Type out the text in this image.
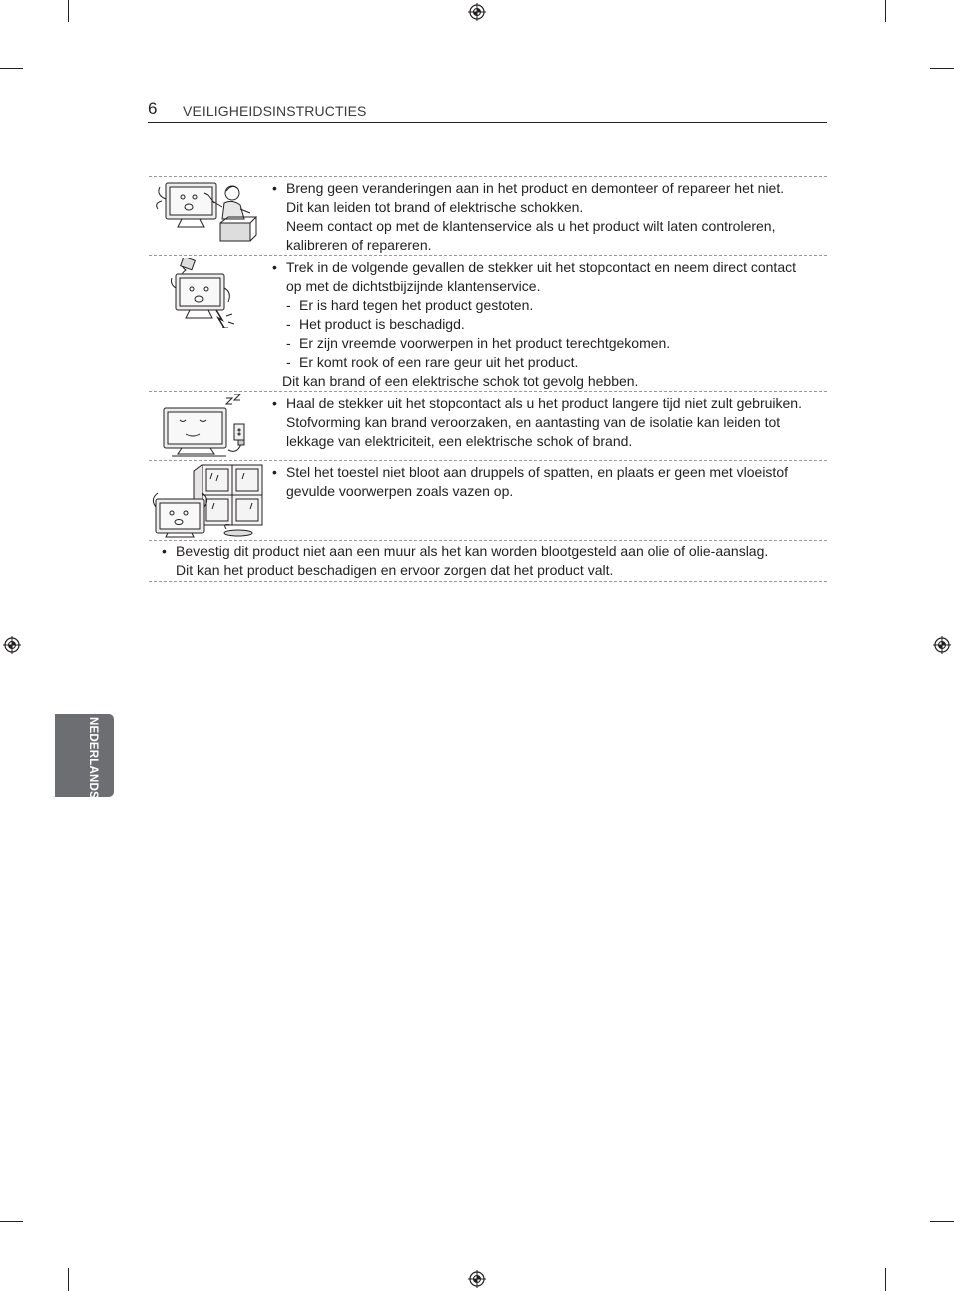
6 VEILIGHEIDSINSTRUCTIES
• Breng geen veranderingen aan in het product en demonteer of repareer het niet.
Dit kan leiden tot brand of elektrische schokken.
Neem contact op met de klantenservice als u het product wilt laten controleren,
kalibreren of repareren.
• Trek in de volgende gevallen de stekker uit het stopcontact en neem direct contact
op met de dichtstbijzijnde klantenservice.
- Er is hard tegen het product gestoten.
- Het product is beschadigd.
- Er zijn vreemde voorwerpen in het product terechtgekomen.
- Er komt rook of een rare geur uit het product.
Dit kan brand of een elektrische schok tot gevolg hebben.
• Haal de stekker uit het stopcontact als u het product langere tijd niet zult gebruiken.
Stofvorming kan brand veroorzaken, en aantasting van de isolatie kan leiden tot
lekkage van elektriciteit, een elektrische schok of brand.
• Stel het toestel niet bloot aan druppels of spatten, en plaats er geen met vloeistof
gevulde voorwerpen zoals vazen op.
• Bevestig dit product niet aan een muur als het kan worden blootgesteld aan olie of olie-aanslag.
Dit kan het product beschadigen en ervoor zorgen dat het product valt.
NEDERLANDS
